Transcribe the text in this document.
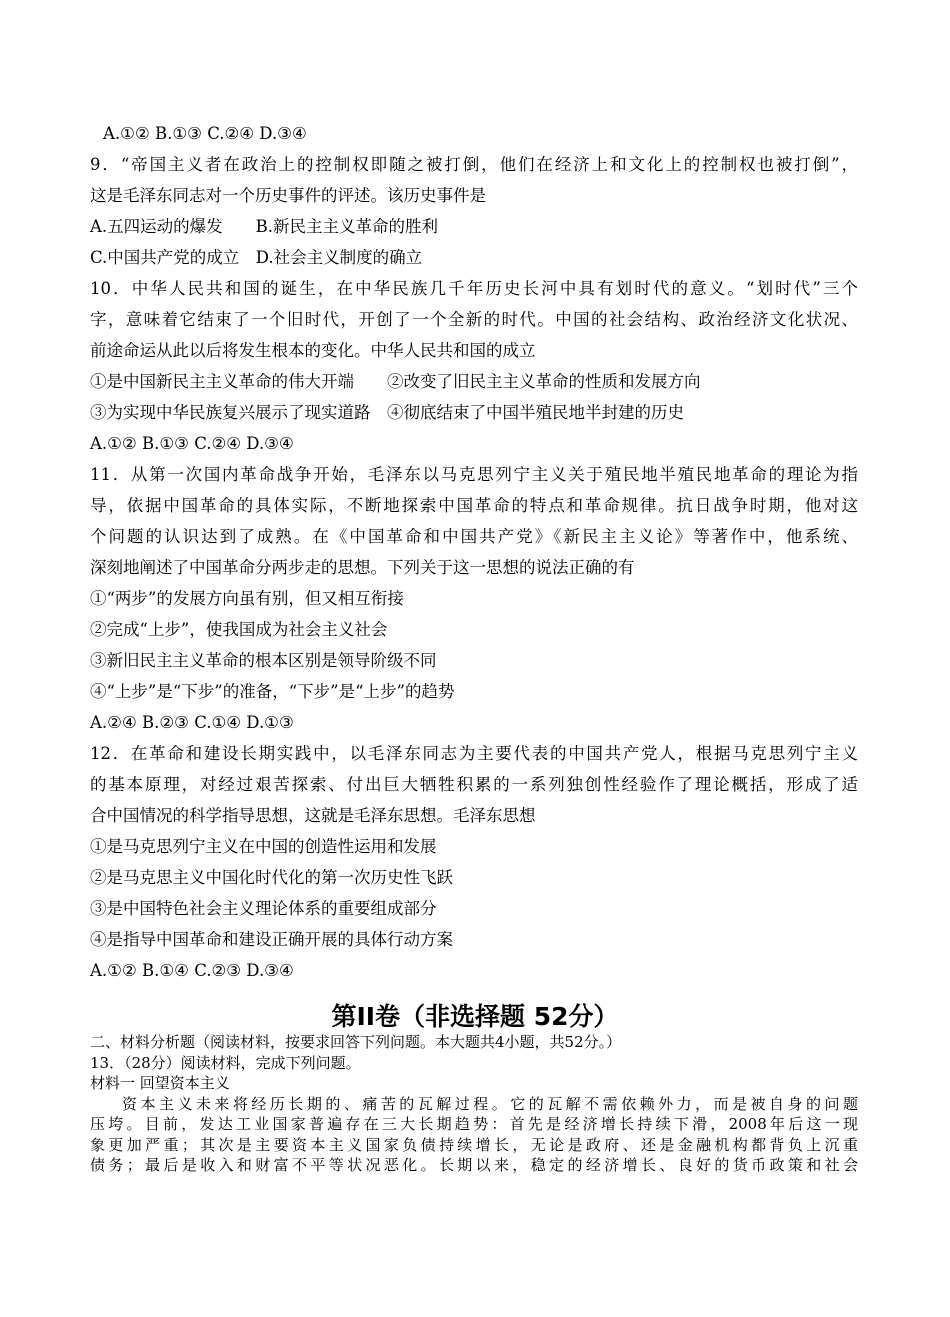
A.①② B.①③ C.②④ D.③④
9．“帝国主义者在政治上的控制权即随之被打倒，他们在经济上和文化上的控制权也被打倒”，
这是毛泽东同志对一个历史事件的评述。该历史事件是
A.五四运动的爆发　　B.新民主主义革命的胜利
C.中国共产党的成立　D.社会主义制度的确立
10．中华人民共和国的诞生，在中华民族几千年历史长河中具有划时代的意义。“划时代”三个
字，意味着它结束了一个旧时代，开创了一个全新的时代。中国的社会结构、政治经济文化状况、
前途命运从此以后将发生根本的变化。中华人民共和国的成立
①是中国新民主主义革命的伟大开端　　②改变了旧民主主义革命的性质和发展方向
③为实现中华民族复兴展示了现实道路　④彻底结束了中国半殖民地半封建的历史
A.①② B.①③ C.②④ D.③④
11．从第一次国内革命战争开始，毛泽东以马克思列宁主义关于殖民地半殖民地革命的理论为指
导，依据中国革命的具体实际，不断地探索中国革命的特点和革命规律。抗日战争时期，他对这
个问题的认识达到了成熟。在《中国革命和中国共产党》《新民主主义论》等著作中，他系统、
深刻地阐述了中国革命分两步走的思想。下列关于这一思想的说法正确的有
①“两步”的发展方向虽有别，但又相互衔接
②完成“上步”，使我国成为社会主义社会
③新旧民主主义革命的根本区别是领导阶级不同
④“上步”是“下步”的准备，“下步”是“上步”的趋势
A.②④ B.②③ C.①④ D.①③
12．在革命和建设长期实践中，以毛泽东同志为主要代表的中国共产党人，根据马克思列宁主义
的基本原理，对经过艰苦探索、付出巨大牺牲积累的一系列独创性经验作了理论概括，形成了适
合中国情况的科学指导思想，这就是毛泽东思想。毛泽东思想
①是马克思列宁主义在中国的创造性运用和发展
②是马克思主义中国化时代化的第一次历史性飞跃
③是中国特色社会主义理论体系的重要组成部分
④是指导中国革命和建设正确开展的具体行动方案
A.①② B.①④ C.②③ D.③④
第II卷（非选择题 52分）
二、材料分析题（阅读材料，按要求回答下列问题。本大题共4小题，共52分。）
13．（28分）阅读材料，完成下列问题。
材料一 回望资本主义
资本主义未来将经历长期的、痛苦的瓦解过程。它的瓦解不需依赖外力，而是被自身的问题
压垮。目前，发达工业国家普遍存在三大长期趋势：首先是经济增长持续下滑，2008年后这一现
象更加严重；其次是主要资本主义国家负债持续增长，无论是政府、还是金融机构都背负上沉重
债务；最后是收入和财富不平等状况恶化。长期以来，稳定的经济增长、良好的货币政策和社会
